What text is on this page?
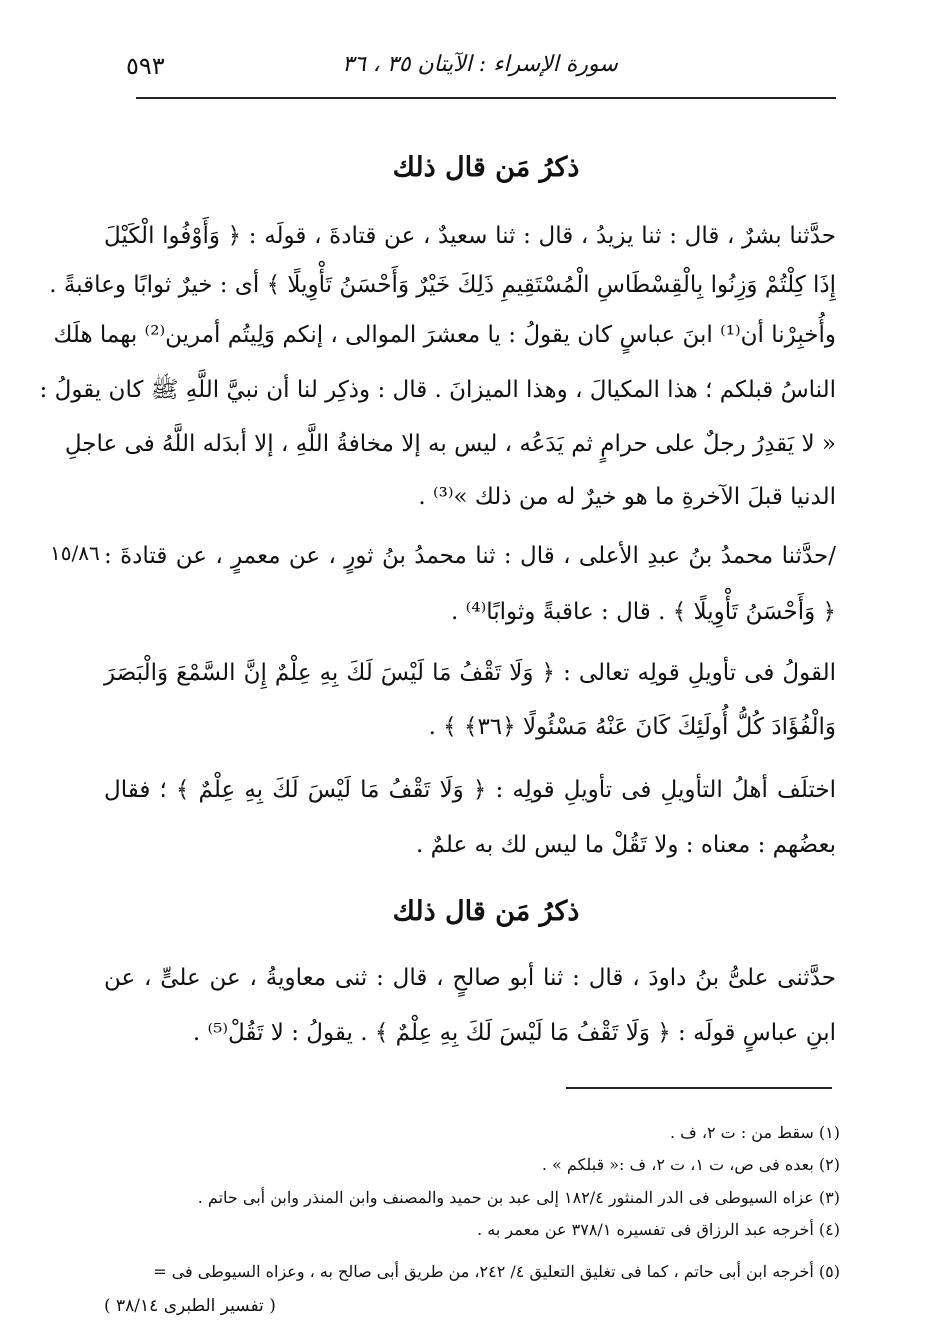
٥٩٣	سورة الإسراء : الآيتان ٣٥ ، ٣٦
ذكرُ مَن قال ذلك
حدَّثنا بشرٌ ، قال : ثنا يزيدُ ، قال : ثنا سعيدٌ ، عن قتادةَ ، قولَه : ﴿ وَأَوْفُوا الْكَيْلَ
إِذَا كِلْتُمْ وَزِنُوا بِالْقِسْطَاسِ الْمُسْتَقِيمِ ذَلِكَ خَيْرٌ وَأَحْسَنُ تَأْوِيلًا ﴾ أى : خيرٌ ثوابًا وعاقبةً .
وأُخبِرْنا أن⁽¹⁾ ابنَ عباسٍ كان يقولُ : يا معشرَ الموالى ، إنكم وَلِيتُم أمرين⁽²⁾ بهما هلَك
الناسُ قبلكم ؛ هذا المكيالَ ، وهذا الميزانَ . قال : وذكِر لنا أن نبيَّ اللَّهِ ﷺ كان يقولُ :
« لا يَقدِرُ رجلٌ على حرامٍ ثم يَدَعُه ، ليس به إلا مخافةُ اللَّهِ ، إلا أبدَله اللَّهُ فى عاجلِ
الدنيا قبلَ الآخرةِ ما هو خيرٌ له من ذلك »⁽³⁾ .
/حدَّثنا محمدُ بنُ عبدِ الأعلى ، قال : ثنا محمدُ بنُ ثورٍ ، عن معمرٍ ، عن قتادةَ :
١٥/٨٦
﴿ وَأَحْسَنُ تَأْوِيلًا ﴾ . قال : عاقبةً وثوابًا⁽⁴⁾ .
القولُ فى تأويلِ قولِه تعالى : ﴿ وَلَا تَقْفُ مَا لَيْسَ لَكَ بِهِ عِلْمٌ إِنَّ السَّمْعَ وَالْبَصَرَ
وَالْفُؤَادَ كُلُّ أُولَئِكَ كَانَ عَنْهُ مَسْئُولًا ﴿٣٦﴾ ﴾ .
اختلَف أهلُ التأويلِ فى تأويلِ قولِه : ﴿ وَلَا تَقْفُ مَا لَيْسَ لَكَ بِهِ عِلْمٌ ﴾ ؛ فقال
بعضُهم : معناه : ولا تَقُلْ ما ليس لك به علمٌ .
ذكرُ مَن قال ذلك
حدَّثنى علىُّ بنُ داودَ ، قال : ثنا أبو صالحٍ ، قال : ثنى معاويةُ ، عن علىٍّ ، عن
ابنِ عباسٍ قولَه : ﴿ وَلَا تَقْفُ مَا لَيْسَ لَكَ بِهِ عِلْمٌ ﴾ . يقولُ : لا تَقُلْ⁽⁵⁾ .
(١) سقط من : ت ٢، ف .
(٢) بعده فى ص، ت ١، ت ٢، ف :« قبلكم » .
(٣) عزاه السيوطى فى الدر المنثور ١٨٢/٤ إلى عبد بن حميد والمصنف وابن المنذر وابن أبى حاتم .
(٤) أخرجه عبد الرزاق فى تفسيره ٣٧٨/١ عن معمر به .
(٥) أخرجه ابن أبى حاتم ، كما فى تغليق التعليق ٤/ ٢٤٢، من طريق أبى صالح به ، وعزاه السيوطى فى =
( تفسير الطبرى ٣٨/١٤ )
